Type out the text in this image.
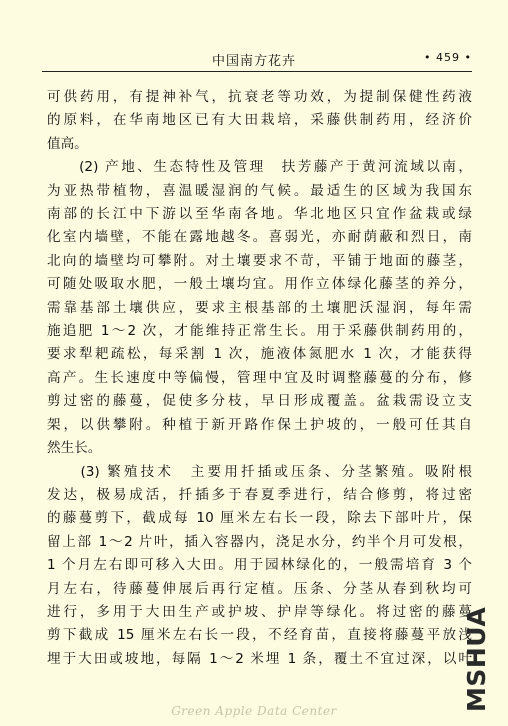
中国南方花卉	• 459 •
可供药用，有提神补气，抗衰老等功效，为提制保健性药液
的原料，在华南地区已有大田栽培，采藤供制药用，经济价
值高。
　　(2) 产地、生态特性及管理　扶芳藤产于黄河流域以南，
为亚热带植物，喜温暖湿润的气候。最适生的区域为我国东
南部的长江中下游以至华南各地。华北地区只宜作盆栽或绿
化室内墙壁，不能在露地越冬。喜弱光，亦耐荫蔽和烈日，南
北向的墙壁均可攀附。对土壤要求不苛，平铺于地面的藤茎，
可随处吸取水肥，一般土壤均宜。用作立体绿化藤茎的养分，
需靠基部土壤供应，要求主根基部的土壤肥沃湿润，每年需
施追肥 1～2 次，才能维持正常生长。用于采藤供制药用的，
要求犁耙疏松，每采割 1 次，施液体氮肥水 1 次，才能获得
高产。生长速度中等偏慢，管理中宜及时调整藤蔓的分布，修
剪过密的藤蔓，促使多分枝，早日形成覆盖。盆栽需设立支
架，以供攀附。种植于新开路作保土护坡的，一般可任其自
然生长。
　　(3) 繁殖技术　主要用扦插或压条、分茎繁殖。吸附根
发达，极易成活，扦插多于春夏季进行，结合修剪，将过密
的藤蔓剪下，截成每 10 厘米左右长一段，除去下部叶片，保
留上部 1～2 片叶，插入容器内，浇足水分，约半个月可发根，
1 个月左右即可移入大田。用于园林绿化的，一般需培育 3 个
月左右，待藤蔓伸展后再行定植。压条、分茎从春到秋均可
进行，多用于大田生产或护坡、护岸等绿化。将过密的藤蔓
剪下截成 15 厘米左右长一段，不经育苗，直接将藤蔓平放浅
埋于大田或坡地，每隔 1～2 米埋 1 条，覆土不宜过深，以叶
MSHUA
Green Apple Data Center
